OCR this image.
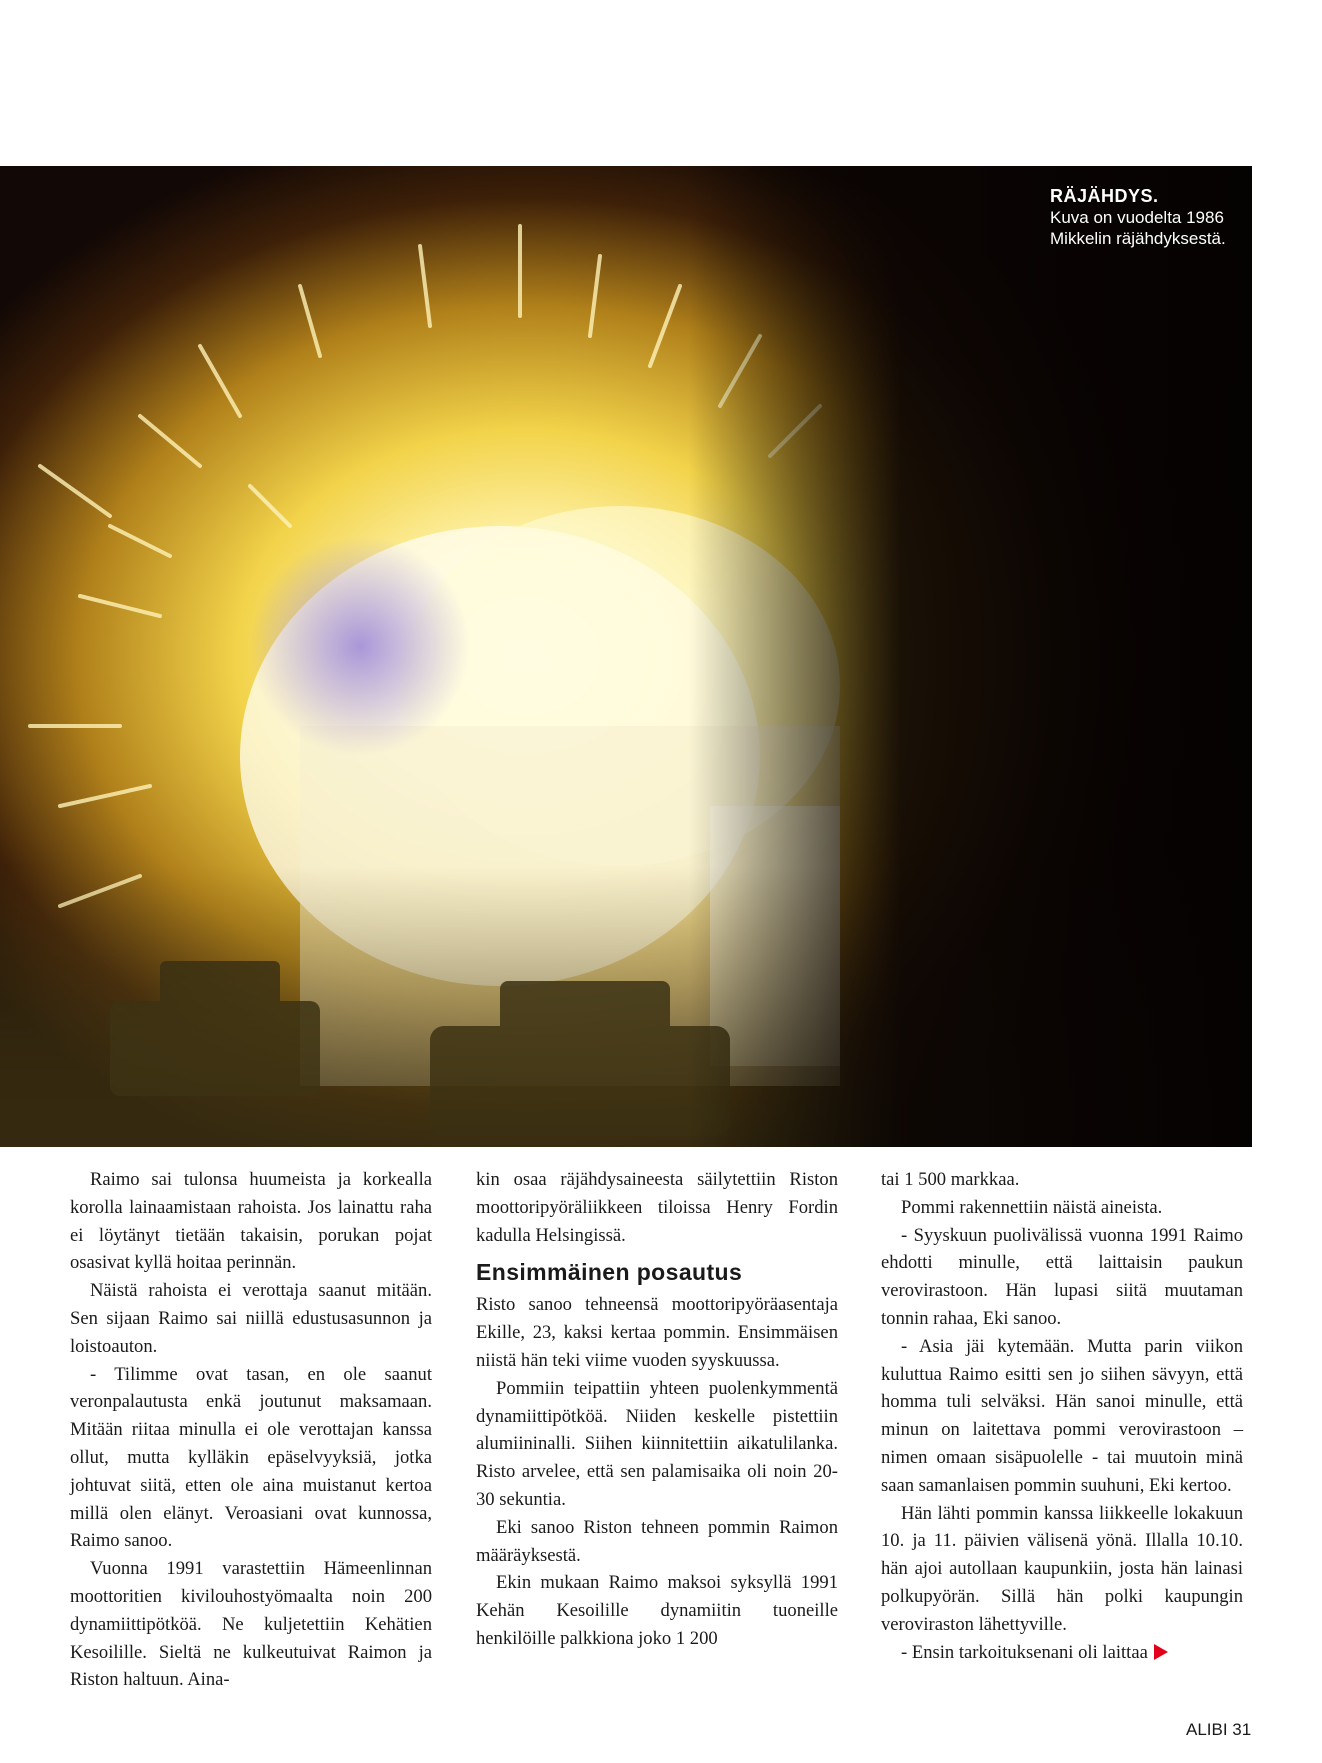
RÄJÄHDYS.
Kuva on vuodelta 1986 Mikkelin räjähdyksestä.

Raimo sai tulonsa huumeista ja korkealla korolla lainaamistaan rahoista. Jos lainattu raha ei löytänyt tietään takaisin, porukan pojat osasivat kyllä hoitaa perinnän.

Näistä rahoista ei verottaja saanut mitään. Sen sijaan Raimo sai niillä edustusasunnon ja loistoauton.

- Tilimme ovat tasan, en ole saanut veronpalautusta enkä joutunut maksamaan. Mitään riitaa minulla ei ole verottajan kanssa ollut, mutta kylläkin epäselvyyksiä, jotka johtuvat siitä, etten ole aina muistanut kertoa millä olen elänyt. Veroasiani ovat kunnossa, Raimo sanoo.

Vuonna 1991 varastettiin Hämeenlinnan moottoritien kivilouhostyömaalta noin 200 dynamiittipötköä. Ne kuljetettiin Kehätien Kesoilille. Sieltä ne kulkeutuivat Raimon ja Riston haltuun. Aina-

kin osaa räjähdysaineesta säilytettiin Riston moottoripyöräliikkeen tiloissa Henry Fordin kadulla Helsingissä.

Ensimmäinen posautus

Risto sanoo tehneensä moottoripyöräasentaja Ekille, 23, kaksi kertaa pommin. Ensimmäisen niistä hän teki viime vuoden syyskuussa.

Pommiin teipattiin yhteen puolenkymmentä dynamiittipötköä. Niiden keskelle pistettiin alumiininalli. Siihen kiinnitettiin aikatulilanka. Risto arvelee, että sen palamisaika oli noin 20-30 sekuntia.

Eki sanoo Riston tehneen pommin Raimon määräyksestä.

Ekin mukaan Raimo maksoi syksyllä 1991 Kehän Kesoilille dynamiitin tuoneille henkilöille palkkiona joko 1 200

tai 1 500 markkaa.

Pommi rakennettiin näistä aineista.

- Syyskuun puolivälissä vuonna 1991 Raimo ehdotti minulle, että laittaisin paukun verovirastoon. Hän lupasi siitä muutaman tonnin rahaa, Eki sanoo.

- Asia jäi kytemään. Mutta parin viikon kuluttua Raimo esitti sen jo siihen sävyyn, että homma tuli selväksi. Hän sanoi minulle, että minun on laitettava pommi verovirastoon – nimen omaan sisäpuolelle - tai muutoin minä saan samanlaisen pommin suuhuni, Eki kertoo.

Hän lähti pommin kanssa liikkeelle lokakuun 10. ja 11. päivien välisenä yönä. Illalla 10.10. hän ajoi autollaan kaupunkiin, josta hän lainasi polkupyörän. Sillä hän polki kaupungin veroviraston lähettyville.

- Ensin tarkoituksenani oli laittaa

ALIBI 31
